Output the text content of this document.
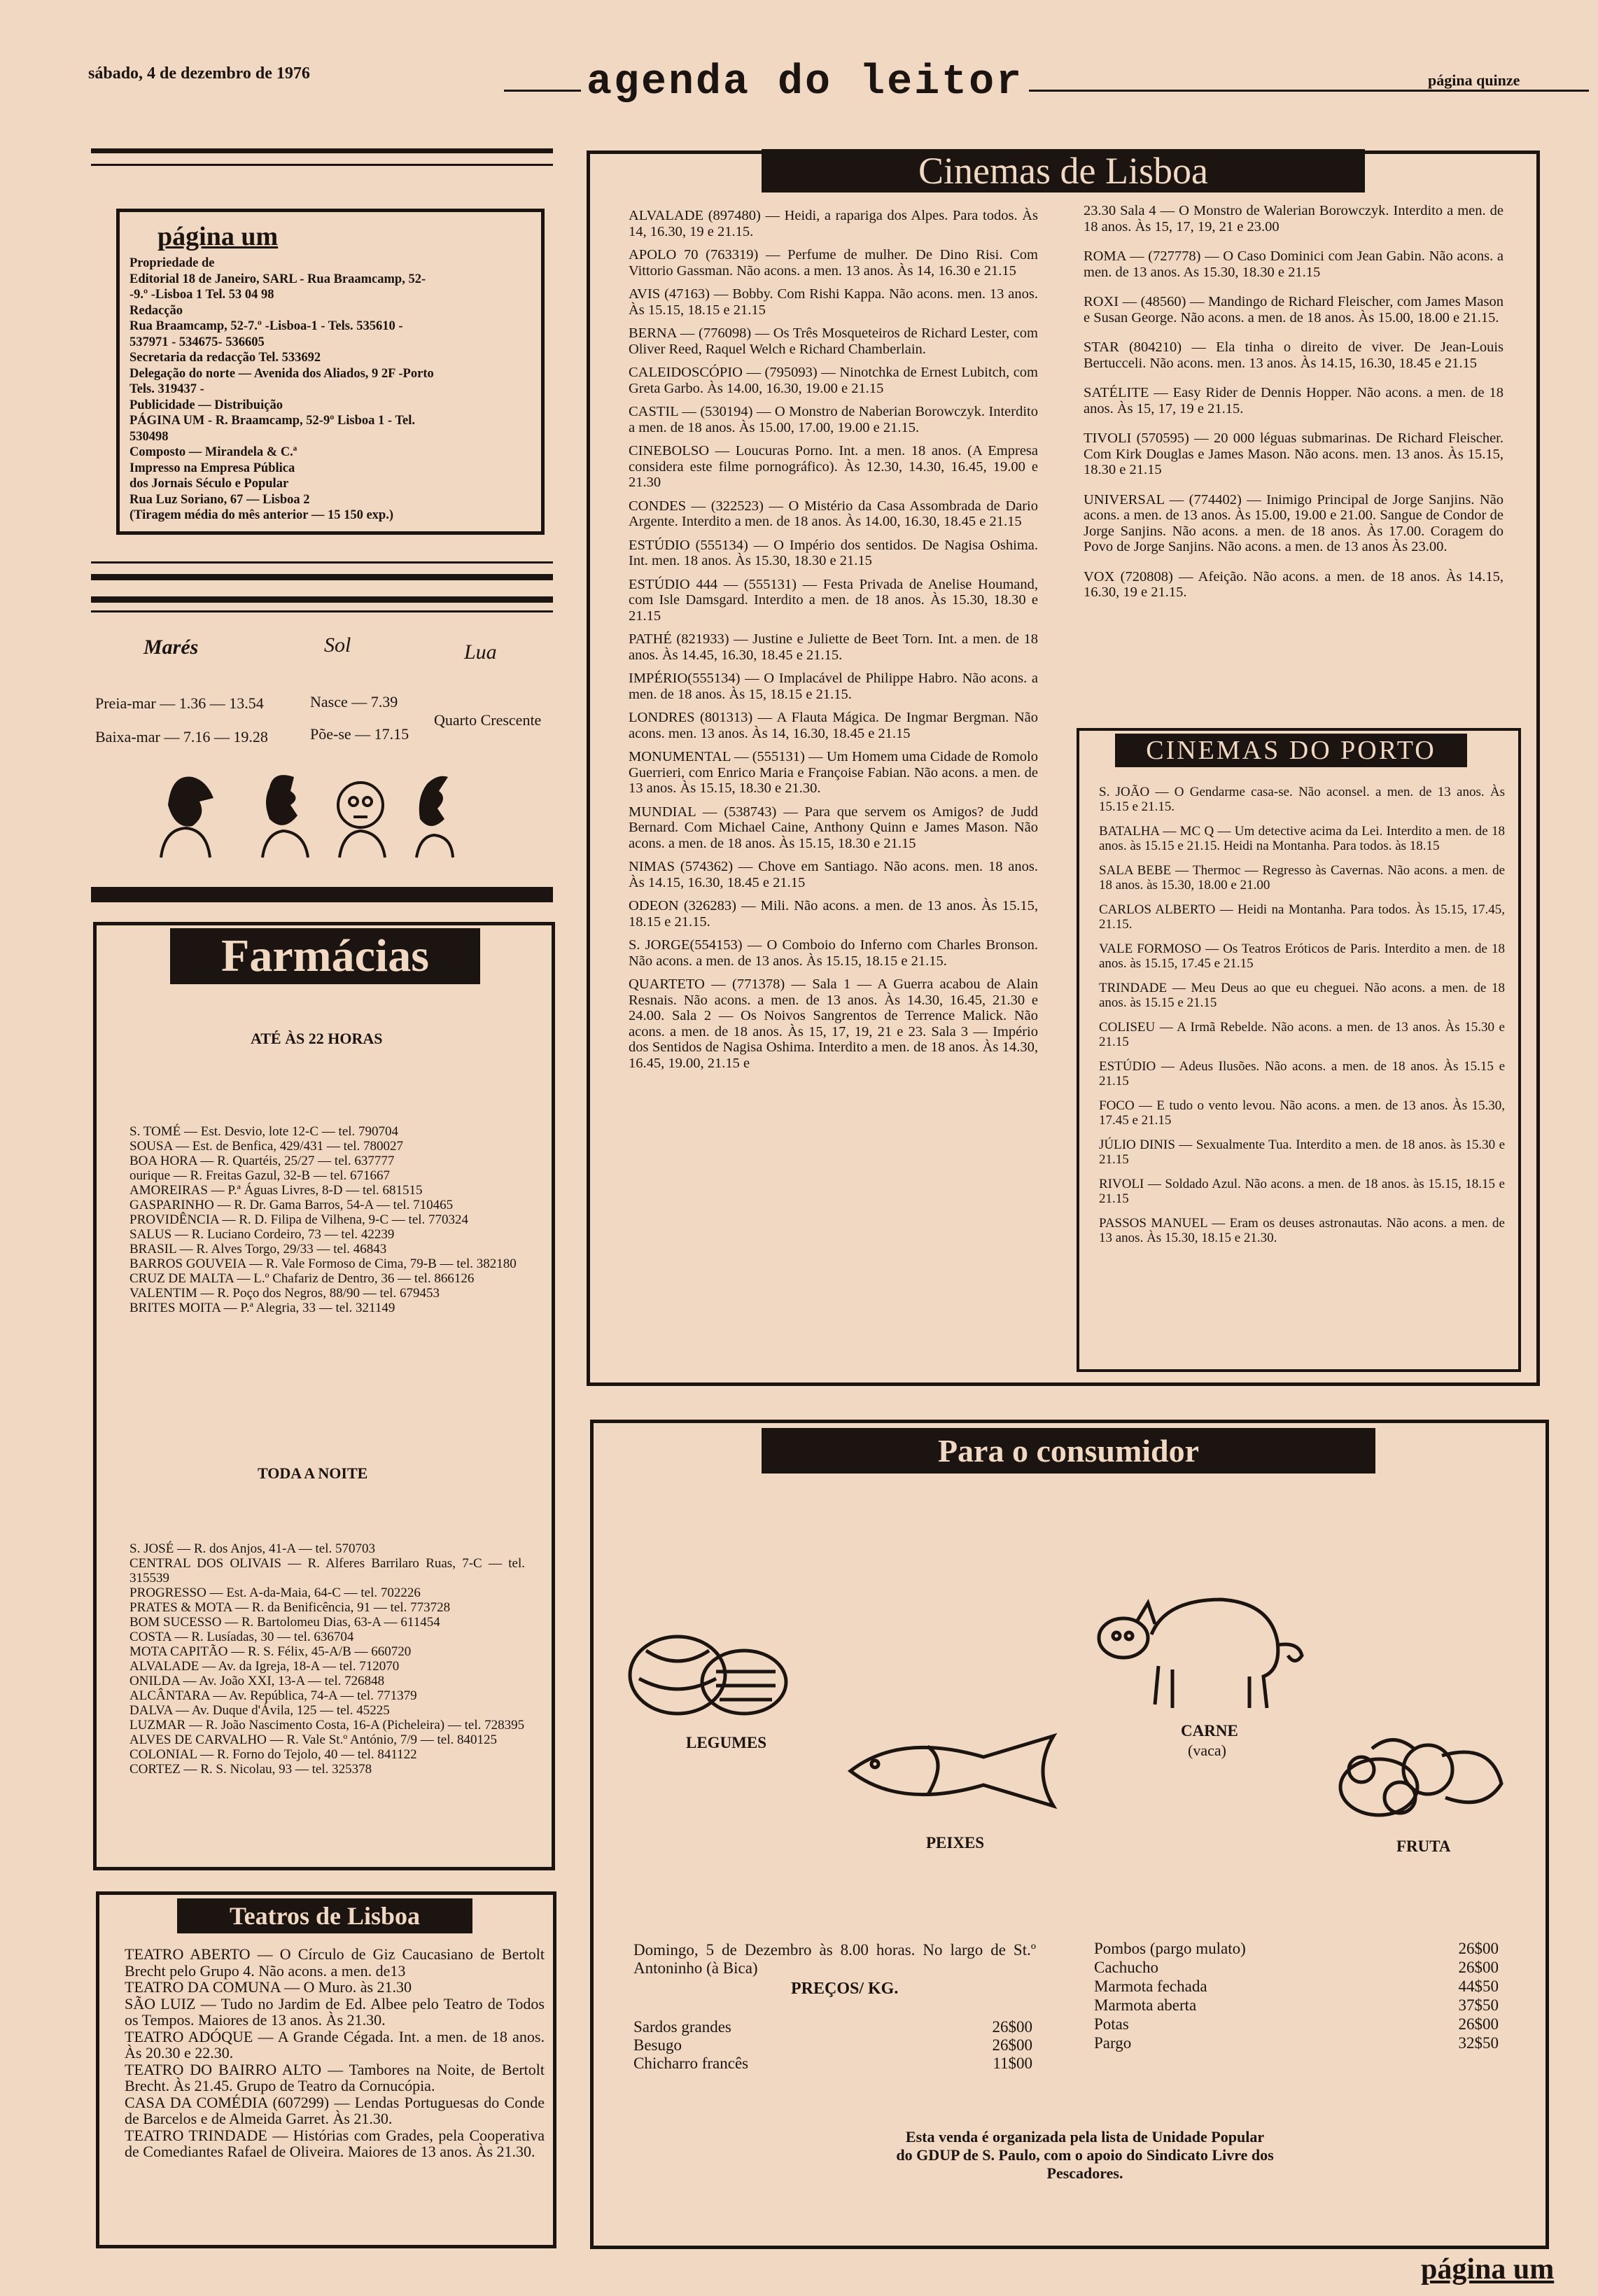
sábado, 4 de dezembro de 1976	agenda do leitor	página quinze
página um

Propriedade de

Editorial 18 de Janeiro, SARL - Rua Braamcamp, 52-

-9.º -Lisboa 1 Tel. 53 04 98

Redacção

Rua Braamcamp, 52-7.º -Lisboa-1 - Tels. 535610 -

537971 - 534675- 536605

Secretaria da redacção Tel. 533692

Delegação do norte — Avenida dos Aliados, 9 2F -Porto

Tels. 319437 -

Publicidade — Distribuição

PÁGINA UM - R. Braamcamp, 52-9º Lisboa 1 - Tel.

530498

Composto — Mirandela & C.ª

Impresso na Empresa Pública

dos Jornais Século e Popular

Rua Luz Soriano, 67 — Lisboa 2

(Tiragem média do mês anterior — 15 150 exp.)

Marés	Sol	Lua
Preia-mar — 1.36 — 13.54
Baixa-mar — 7.16 — 19.28
Nasce — 7.39
Põe-se — 17.15
Quarto Crescente
Farmácias
ATÉ ÀS 22 HORAS

S. TOMÉ — Est. Desvio, lote 12-C — tel. 790704

SOUSA — Est. de Benfica, 429/431 — tel. 780027

BOA HORA — R. Quartéis, 25/27 — tel. 637777

ourique — R. Freitas Gazul, 32-B — tel. 671667

AMOREIRAS — P.ª Águas Livres, 8-D — tel. 681515

GASPARINHO — R. Dr. Gama Barros, 54-A — tel. 710465

PROVIDÊNCIA — R. D. Filipa de Vilhena, 9-C — tel. 770324

SALUS — R. Luciano Cordeiro, 73 — tel. 42239

BRASIL — R. Alves Torgo, 29/33 — tel. 46843

BARROS GOUVEIA — R. Vale Formoso de Cima, 79-B — tel. 382180

CRUZ DE MALTA — L.º Chafariz de Dentro, 36 — tel. 866126

VALENTIM — R. Poço dos Negros, 88/90 — tel. 679453

BRITES MOITA — P.ª Alegria, 33 — tel. 321149

TODA A NOITE

S. JOSÉ — R. dos Anjos, 41-A — tel. 570703

CENTRAL DOS OLIVAIS — R. Alferes Barrilaro Ruas, 7-C — tel. 315539

PROGRESSO — Est. A-da-Maia, 64-C — tel. 702226

PRATES & MOTA — R. da Benificência, 91 — tel. 773728

BOM SUCESSO — R. Bartolomeu Dias, 63-A — 611454

COSTA — R. Lusíadas, 30 — tel. 636704

MOTA CAPITÃO — R. S. Félix, 45-A/B — 660720

ALVALADE — Av. da Igreja, 18-A — tel. 712070

ONILDA — Av. João XXI, 13-A — tel. 726848

ALCÂNTARA — Av. República, 74-A — tel. 771379

DALVA — Av. Duque d'Ávila, 125 — tel. 45225

LUZMAR — R. João Nascimento Costa, 16-A (Picheleira) — tel. 728395

ALVES DE CARVALHO — R. Vale St.º António, 7/9 — tel. 840125

COLONIAL — R. Forno do Tejolo, 40 — tel. 841122

CORTEZ — R. S. Nicolau, 93 — tel. 325378

Teatros de Lisboa

TEATRO ABERTO — O Círculo de Giz Caucasiano de Bertolt Brecht pelo Grupo 4. Não acons. a men. de13

TEATRO DA COMUNA — O Muro. às 21.30

SÃO LUIZ — Tudo no Jardim de Ed. Albee pelo Teatro de Todos os Tempos. Maiores de 13 anos. Às 21.30.

TEATRO ADÓQUE — A Grande Cégada. Int. a men. de 18 anos. Às 20.30 e 22.30.

TEATRO DO BAIRRO ALTO — Tambores na Noite, de Bertolt Brecht. Às 21.45. Grupo de Teatro da Cornucópia.

CASA DA COMÉDIA (607299) — Lendas Portuguesas do Conde de Barcelos e de Almeida Garret. Às 21.30.

TEATRO TRINDADE — Histórias com Grades, pela Cooperativa de Comediantes Rafael de Oliveira. Maiores de 13 anos. Às 21.30.

Cinemas de Lisboa

ALVALADE (897480) — Heidi, a rapariga dos Alpes. Para todos. Às 14, 16.30, 19 e 21.15.

APOLO 70 (763319) — Perfume de mulher. De Dino Risi. Com Vittorio Gassman. Não acons. a men. 13 anos. Às 14, 16.30 e 21.15

AVIS (47163) — Bobby. Com Rishi Kappa. Não acons. men. 13 anos. Às 15.15, 18.15 e 21.15

BERNA — (776098) — Os Três Mosqueteiros de Richard Lester, com Oliver Reed, Raquel Welch e Richard Chamberlain.

CALEIDOSCÓPIO — (795093) — Ninotchka de Ernest Lubitch, com Greta Garbo. Às 14.00, 16.30, 19.00 e 21.15

CASTIL — (530194) — O Monstro de Naberian Borowczyk. Interdito a men. de 18 anos. Às 15.00, 17.00, 19.00 e 21.15.

CINEBOLSO — Loucuras Porno. Int. a men. 18 anos. (A Empresa considera este filme pornográfico). Às 12.30, 14.30, 16.45, 19.00 e 21.30

CONDES — (322523) — O Mistério da Casa Assombrada de Dario Argente. Interdito a men. de 18 anos. Às 14.00, 16.30, 18.45 e 21.15

ESTÚDIO (555134) — O Império dos sentidos. De Nagisa Oshima. Int. men. 18 anos. Às 15.30, 18.30 e 21.15

ESTÚDIO 444 — (555131) — Festa Privada de Anelise Houmand, com Isle Damsgard. Interdito a men. de 18 anos. Às 15.30, 18.30 e 21.15

PATHÉ (821933) — Justine e Juliette de Beet Torn. Int. a men. de 18 anos. Às 14.45, 16.30, 18.45 e 21.15.

IMPÉRIO(555134) — O Implacável de Philippe Habro. Não acons. a men. de 18 anos. Às 15, 18.15 e 21.15.

LONDRES (801313) — A Flauta Mágica. De Ingmar Bergman. Não acons. men. 13 anos. Às 14, 16.30, 18.45 e 21.15

MONUMENTAL — (555131) — Um Homem uma Cidade de Romolo Guerrieri, com Enrico Maria e Françoise Fabian. Não acons. a men. de 13 anos. Às 15.15, 18.30 e 21.30.

MUNDIAL — (538743) — Para que servem os Amigos? de Judd Bernard. Com Michael Caine, Anthony Quinn e James Mason. Não acons. a men. de 18 anos. Às 15.15, 18.30 e 21.15

NIMAS (574362) — Chove em Santiago. Não acons. men. 18 anos. Às 14.15, 16.30, 18.45 e 21.15

ODEON (326283) — Mili. Não acons. a men. de 13 anos. Às 15.15, 18.15 e 21.15.

S. JORGE(554153) — O Comboio do Inferno com Charles Bronson. Não acons. a men. de 13 anos. Às 15.15, 18.15 e 21.15.

QUARTETO — (771378) — Sala 1 — A Guerra acabou de Alain Resnais. Não acons. a men. de 13 anos. Às 14.30, 16.45, 21.30 e 24.00. Sala 2 — Os Noivos Sangrentos de Terrence Malick. Não acons. a men. de 18 anos. Às 15, 17, 19, 21 e 23. Sala 3 — Império dos Sentidos de Nagisa Oshima. Interdito a men. de 18 anos. Às 14.30, 16.45, 19.00, 21.15 e

23.30 Sala 4 — O Monstro de Walerian Borowczyk. Interdito a men. de 18 anos. Às 15, 17, 19, 21 e 23.00

ROMA — (727778) — O Caso Dominici com Jean Gabin. Não acons. a men. de 13 anos. As 15.30, 18.30 e 21.15

ROXI — (48560) — Mandingo de Richard Fleischer, com James Mason e Susan George. Não acons. a men. de 18 anos. Às 15.00, 18.00 e 21.15.

STAR (804210) — Ela tinha o direito de viver. De Jean-Louis Bertucceli. Não acons. men. 13 anos. Às 14.15, 16.30, 18.45 e 21.15

SATÉLITE — Easy Rider de Dennis Hopper. Não acons. a men. de 18 anos. Às 15, 17, 19 e 21.15.

TIVOLI (570595) — 20 000 léguas submarinas. De Richard Fleischer. Com Kirk Douglas e James Mason. Não acons. men. 13 anos. Às 15.15, 18.30 e 21.15

UNIVERSAL — (774402) — Inimigo Principal de Jorge Sanjins. Não acons. a men. de 13 anos. Às 15.00, 19.00 e 21.00. Sangue de Condor de Jorge Sanjins. Não acons. a men. de 18 anos. Às 17.00. Coragem do Povo de Jorge Sanjins. Não acons. a men. de 13 anos Às 23.00.

VOX (720808) — Afeição. Não acons. a men. de 18 anos. Às 14.15, 16.30, 19 e 21.15.

CINEMAS DO PORTO

S. JOÃO — O Gendarme casa-se. Não aconsel. a men. de 13 anos. Às 15.15 e 21.15.

BATALHA — MC Q — Um detective acima da Lei. Interdito a men. de 18 anos. às 15.15 e 21.15. Heidi na Montanha. Para todos. às 18.15

SALA BEBE — Thermoc — Regresso às Cavernas. Não acons. a men. de 18 anos. às 15.30, 18.00 e 21.00

CARLOS ALBERTO — Heidi na Montanha. Para todos. Às 15.15, 17.45, 21.15.

VALE FORMOSO — Os Teatros Eróticos de Paris. Interdito a men. de 18 anos. às 15.15, 17.45 e 21.15

TRINDADE — Meu Deus ao que eu cheguei. Não acons. a men. de 18 anos. às 15.15 e 21.15

COLISEU — A Irmã Rebelde. Não acons. a men. de 13 anos. Às 15.30 e 21.15

ESTÚDIO — Adeus Ilusões. Não acons. a men. de 18 anos. Às 15.15 e 21.15

FOCO — E tudo o vento levou. Não acons. a men. de 13 anos. Às 15.30, 17.45 e 21.15

JÚLIO DINIS — Sexualmente Tua. Interdito a men. de 18 anos. às 15.30 e 21.15

RIVOLI — Soldado Azul. Não acons. a men. de 18 anos. às 15.15, 18.15 e 21.15

PASSOS MANUEL — Eram os deuses astronautas. Não acons. a men. de 13 anos. Às 15.30, 18.15 e 21.30.

Para o consumidor
LEGUMES
CARNE
(vaca)
PEIXES	FRUTA
Domingo, 5 de Dezembro às 8.00 horas. No largo de St.º Antoninho (à Bica)
PREÇOS/ KG.
Sardos grandes	26$00
Besugo	26$00
Chicharro francês	11$00
Pombos (pargo mulato)	26$00
Cachucho	26$00
Marmota fechada	44$50
Marmota aberta	37$50
Potas	26$00
Pargo	32$50
Esta venda é organizada pela lista de Unidade Popular do GDUP de S. Paulo, com o apoio do Sindicato Livre dos Pescadores.
página um
